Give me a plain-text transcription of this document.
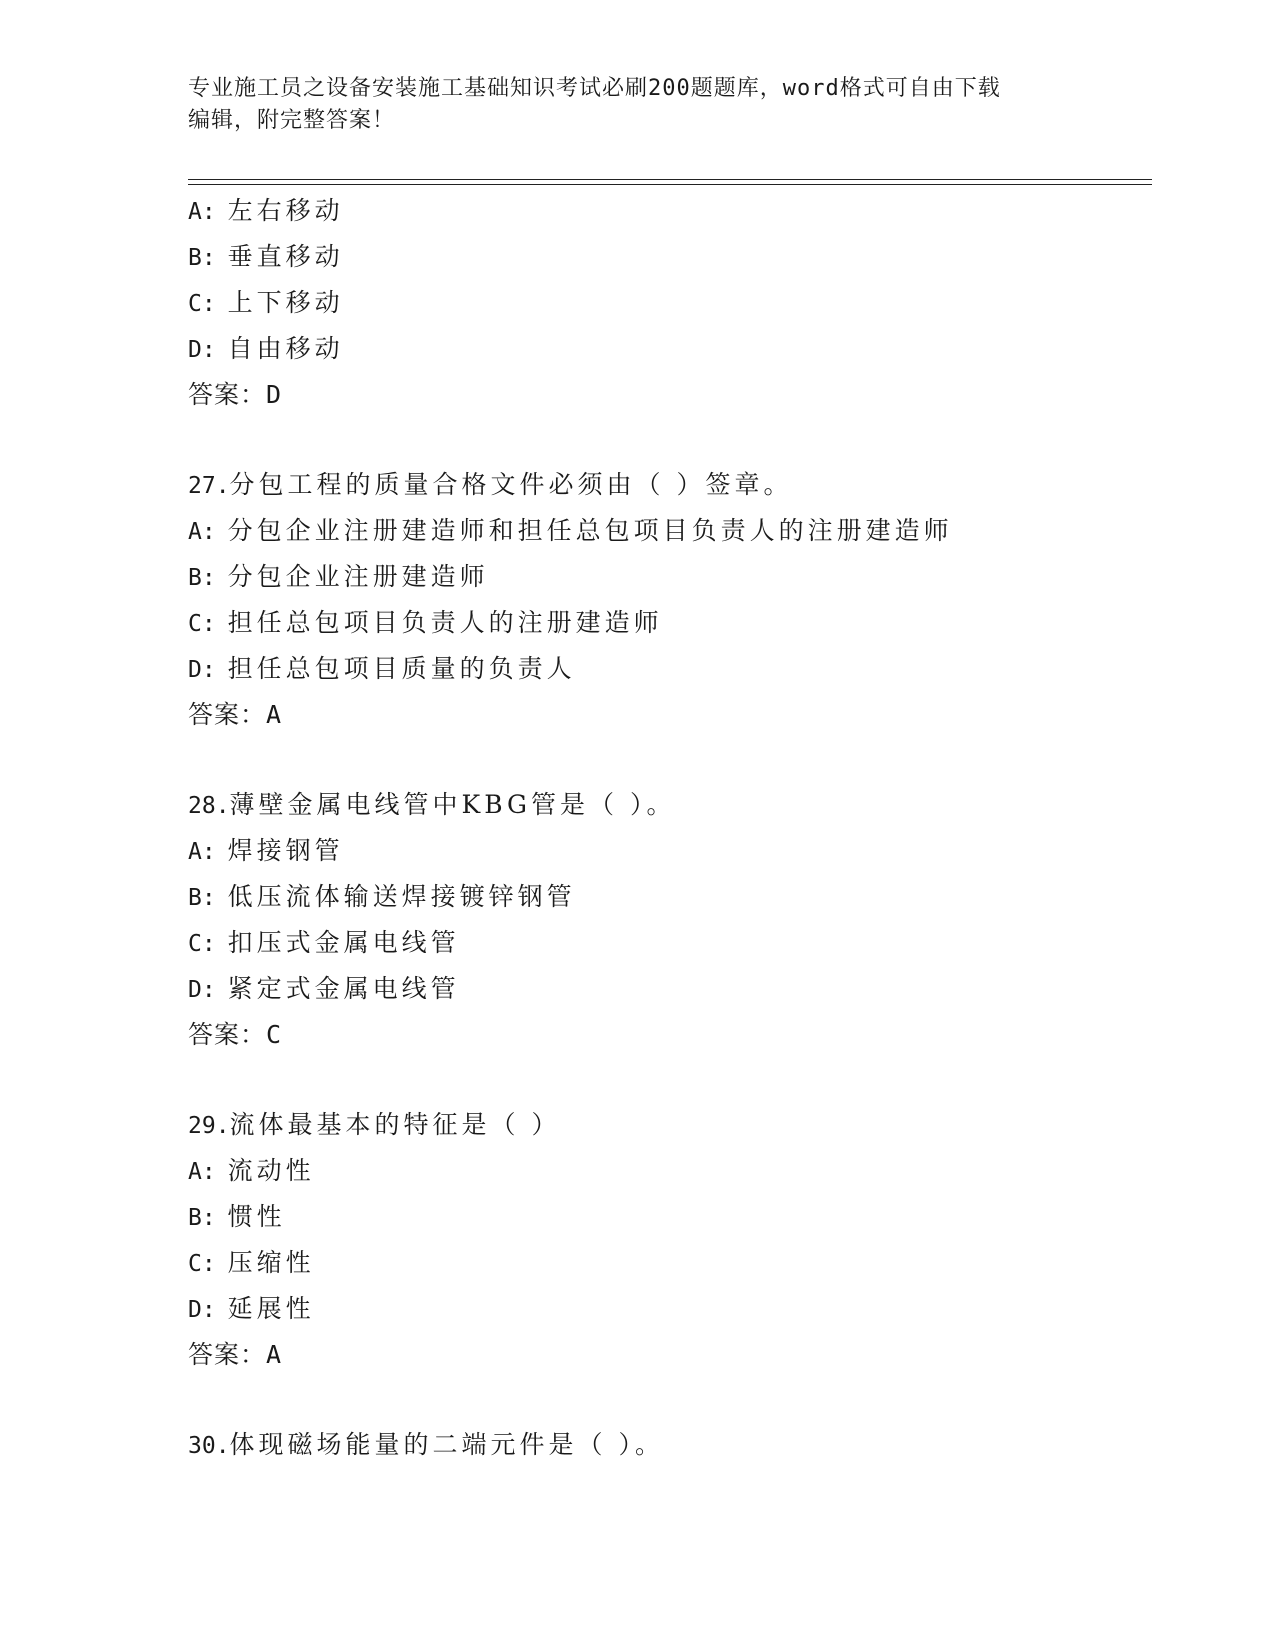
专业施工员之设备安装施工基础知识考试必刷200题题库，word格式可自由下载
编辑，附完整答案！
A: 左右移动
B: 垂直移动
C: 上下移动
D: 自由移动
答案：D
27.分包工程的质量合格文件必须由（ ）签章。
A: 分包企业注册建造师和担任总包项目负责人的注册建造师
B: 分包企业注册建造师
C: 担任总包项目负责人的注册建造师
D: 担任总包项目质量的负责人
答案：A
28.薄壁金属电线管中KBG管是（ ）。
A: 焊接钢管
B: 低压流体输送焊接镀锌钢管
C: 扣压式金属电线管
D: 紧定式金属电线管
答案：C
29.流体最基本的特征是（ ）
A: 流动性
B: 惯性
C: 压缩性
D: 延展性
答案：A
30.体现磁场能量的二端元件是（ ）。
